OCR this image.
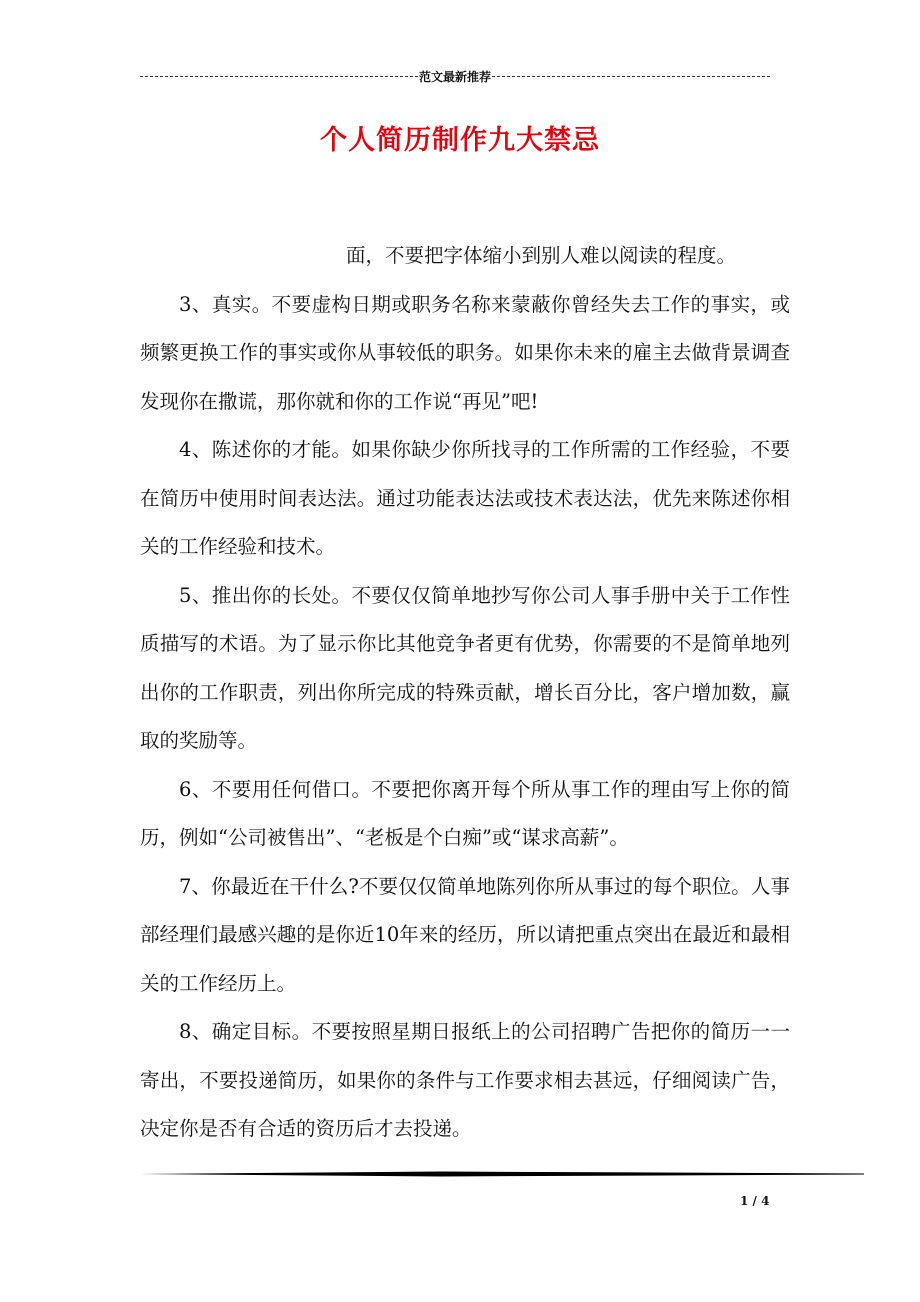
范文最新推荐
个人简历制作九大禁忌

面，不要把字体缩小到别人难以阅读的程度。

3、真实。不要虚构日期或职务名称来蒙蔽你曾经失去工作的事实，或频繁更换工作的事实或你从事较低的职务。如果你未来的雇主去做背景调查发现你在撒谎，那你就和你的工作说“再见”吧!

4、陈述你的才能。如果你缺少你所找寻的工作所需的工作经验，不要在简历中使用时间表达法。通过功能表达法或技术表达法，优先来陈述你相关的工作经验和技术。

5、推出你的长处。不要仅仅简单地抄写你公司人事手册中关于工作性质描写的术语。为了显示你比其他竞争者更有优势，你需要的不是简单地列出你的工作职责，列出你所完成的特殊贡献，增长百分比，客户增加数，赢取的奖励等。

6、不要用任何借口。不要把你离开每个所从事工作的理由写上你的简历，例如“公司被售出”、“老板是个白痴”或“谋求高薪”。

7、你最近在干什么?不要仅仅简单地陈列你所从事过的每个职位。人事部经理们最感兴趣的是你近10年来的经历，所以请把重点突出在最近和最相关的工作经历上。

8、确定目标。不要按照星期日报纸上的公司招聘广告把你的简历一一寄出，不要投递简历，如果你的条件与工作要求相去甚远，仔细阅读广告，决定你是否有合适的资历后才去投递。

1 / 4
